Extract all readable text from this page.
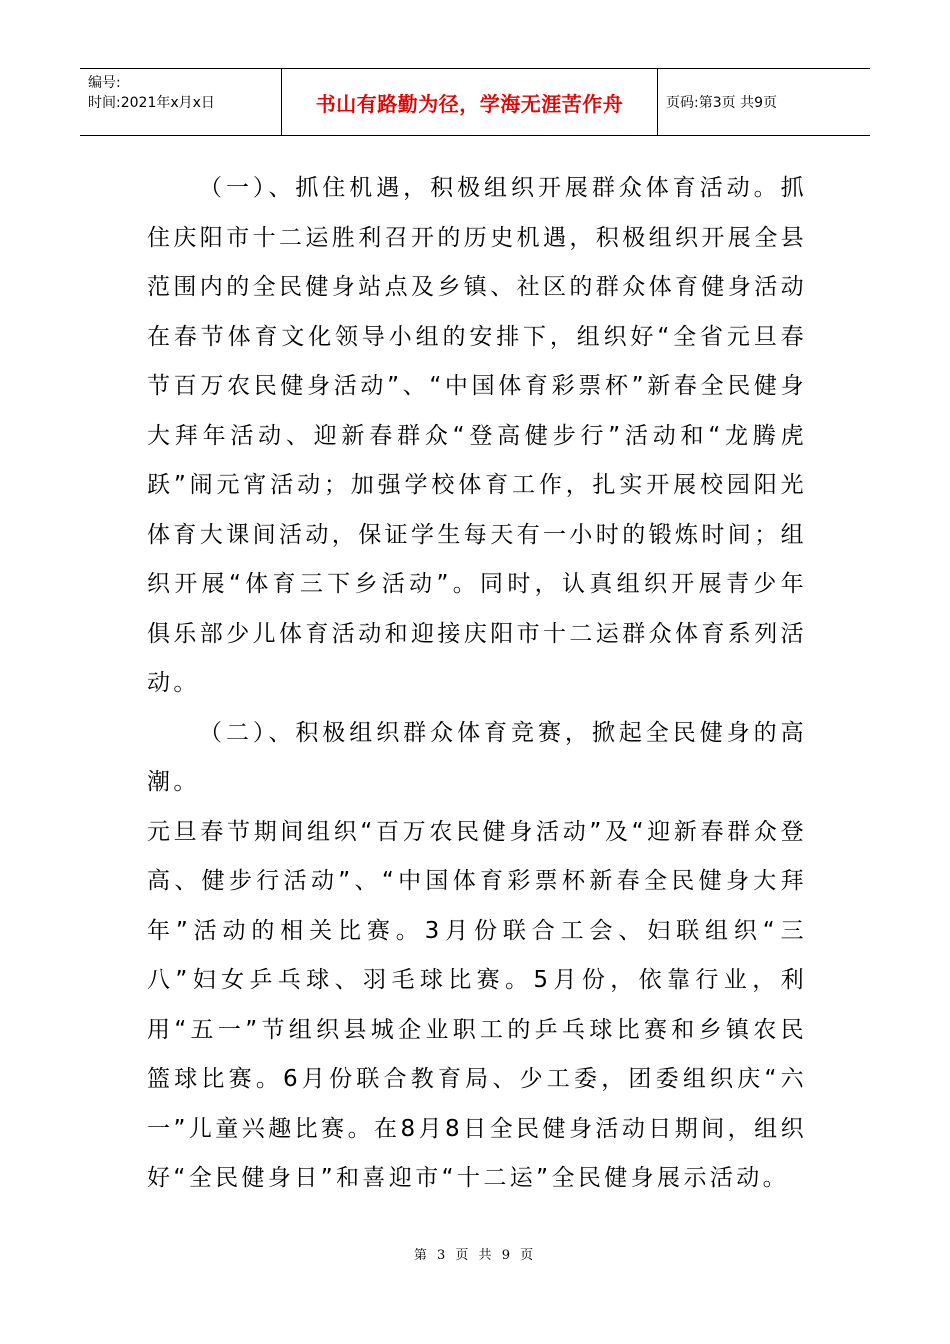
编号:
时间:2021年x月x日	书山有路勤为径，学海无涯苦作舟	页码:第3页 共9页

（一）、抓住机遇，积极组织开展群众体育活动。抓住庆阳市十二运胜利召开的历史机遇，积极组织开展全县范围内的全民健身站点及乡镇、社区的群众体育健身活动在春节体育文化领导小组的安排下，组织好“全省元旦春节百万农民健身活动”、“中国体育彩票杯”新春全民健身大拜年活动、迎新春群众“登高健步行”活动和“龙腾虎跃”闹元宵活动；加强学校体育工作，扎实开展校园阳光体育大课间活动，保证学生每天有一小时的锻炼时间；组织开展“体育三下乡活动”。同时，认真组织开展青少年俱乐部少儿体育活动和迎接庆阳市十二运群众体育系列活动。

（二）、积极组织群众体育竞赛，掀起全民健身的高潮。

元旦春节期间组织“百万农民健身活动”及“迎新春群众登高、健步行活动”、“中国体育彩票杯新春全民健身大拜年”活动的相关比赛。3月份联合工会、妇联组织“三八”妇女乒乓球、羽毛球比赛。5月份，依靠行业，利用“五一”节组织县城企业职工的乒乓球比赛和乡镇农民篮球比赛。6月份联合教育局、少工委，团委组织庆“六一”儿童兴趣比赛。在8月8日全民健身活动日期间，组织好“全民健身日”和喜迎市“十二运”全民健身展示活动。

第 3 页 共 9 页
